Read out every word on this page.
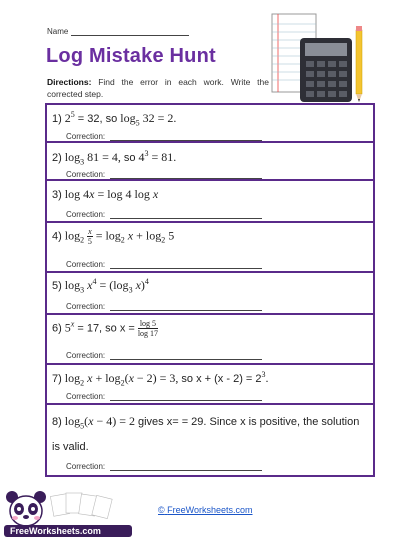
Name
Log Mistake Hunt
Directions: Find the error in each work. Write the corrected step.
1) $2^5 = 32$, so $\log_5 32 = 2$.
Correction:
2) $\log_3 81 = 4$, so $4^3 = 81$.
Correction:
3) log 4x = log 4 log x
Correction:
4) $\log_2 \frac{x}{5} = \log_2 x + \log_2 5$
Correction:
5) $\log_3 x^4 = (\log_3$ x)$^4$
Correction:
6) $5^x = 17$, so $x = \frac{\log 5}{\log 17}$
Correction:
7) $\log_2 x + \log_2(x - 2) = 3$, so $x + (x - 2) = 2^3$.
Correction:
8) $\log_5(x - 4) = 2$ gives x= = 29. Since x is positive, the solution is valid.
Correction:
FreeWorksheets.com
© FreeWorksheets.com
